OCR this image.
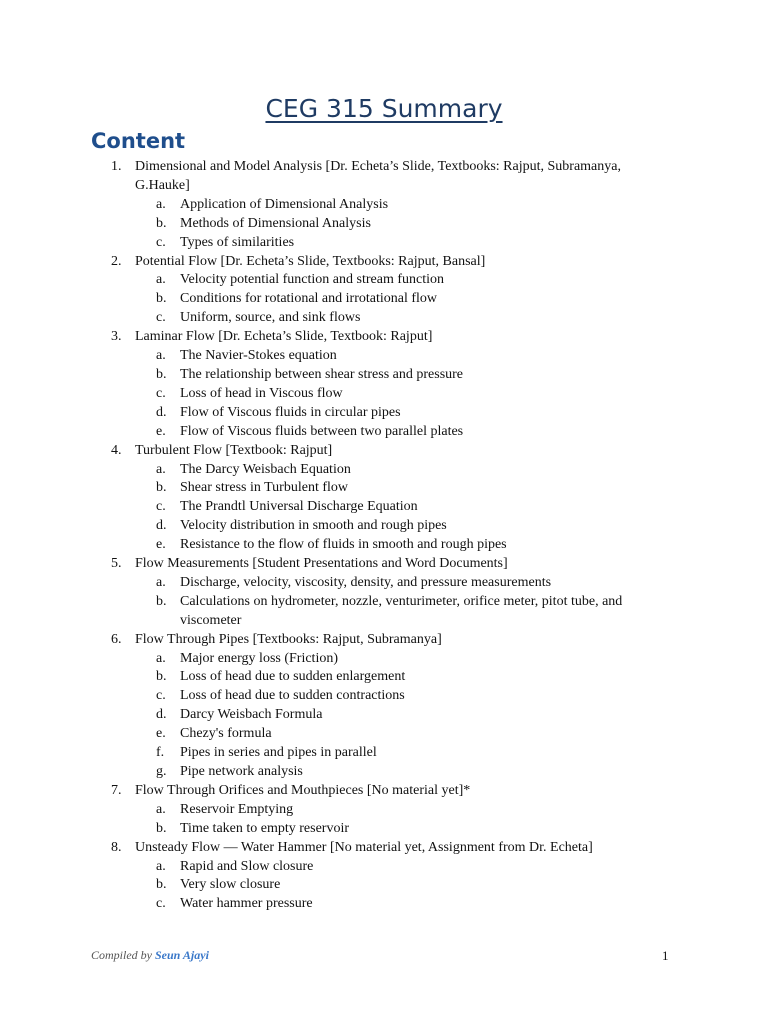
CEG 315 Summary
Content
1. Dimensional and Model Analysis [Dr. Echeta’s Slide, Textbooks: Rajput, Subramanya, G.Hauke]
a.	Application of Dimensional Analysis
b. Methods of Dimensional Analysis
c.	Types of similarities
2. Potential Flow [Dr. Echeta’s Slide, Textbooks: Rajput, Bansal]
a.	Velocity potential function and stream function
b. Conditions for rotational and irrotational flow
c.	Uniform, source, and sink flows
3. Laminar Flow [Dr. Echeta’s Slide, Textbook: Rajput]
a.	The Navier-Stokes equation
b. The relationship between shear stress and pressure
c.	Loss of head in Viscous flow
d. Flow of Viscous fluids in circular pipes
e.	Flow of Viscous fluids between two parallel plates
4. Turbulent Flow [Textbook: Rajput]
a.	The Darcy Weisbach Equation
b. Shear stress in Turbulent flow
c.	The Prandtl Universal Discharge Equation
d. Velocity distribution in smooth and rough pipes
e.	Resistance to the flow of fluids in smooth and rough pipes
5. Flow Measurements [Student Presentations and Word Documents]
a.	Discharge, velocity, viscosity, density, and pressure measurements
b. Calculations on hydrometer, nozzle, venturimeter, orifice meter, pitot tube, and viscometer
6. Flow Through Pipes [Textbooks: Rajput, Subramanya]
a.	Major energy loss (Friction)
b. Loss of head due to sudden enlargement
c.	Loss of head due to sudden contractions
d. Darcy Weisbach Formula
e.	Chezy's formula
f.	Pipes in series and pipes in parallel
g. Pipe network analysis
7. Flow Through Orifices and Mouthpieces [No material yet]*
a.	Reservoir Emptying
b. Time taken to empty reservoir
8. Unsteady Flow — Water Hammer [No material yet, Assignment from Dr. Echeta]
a.	Rapid and Slow closure
b. Very slow closure
c.	Water hammer pressure
Compiled by Seun Ajayi	1
